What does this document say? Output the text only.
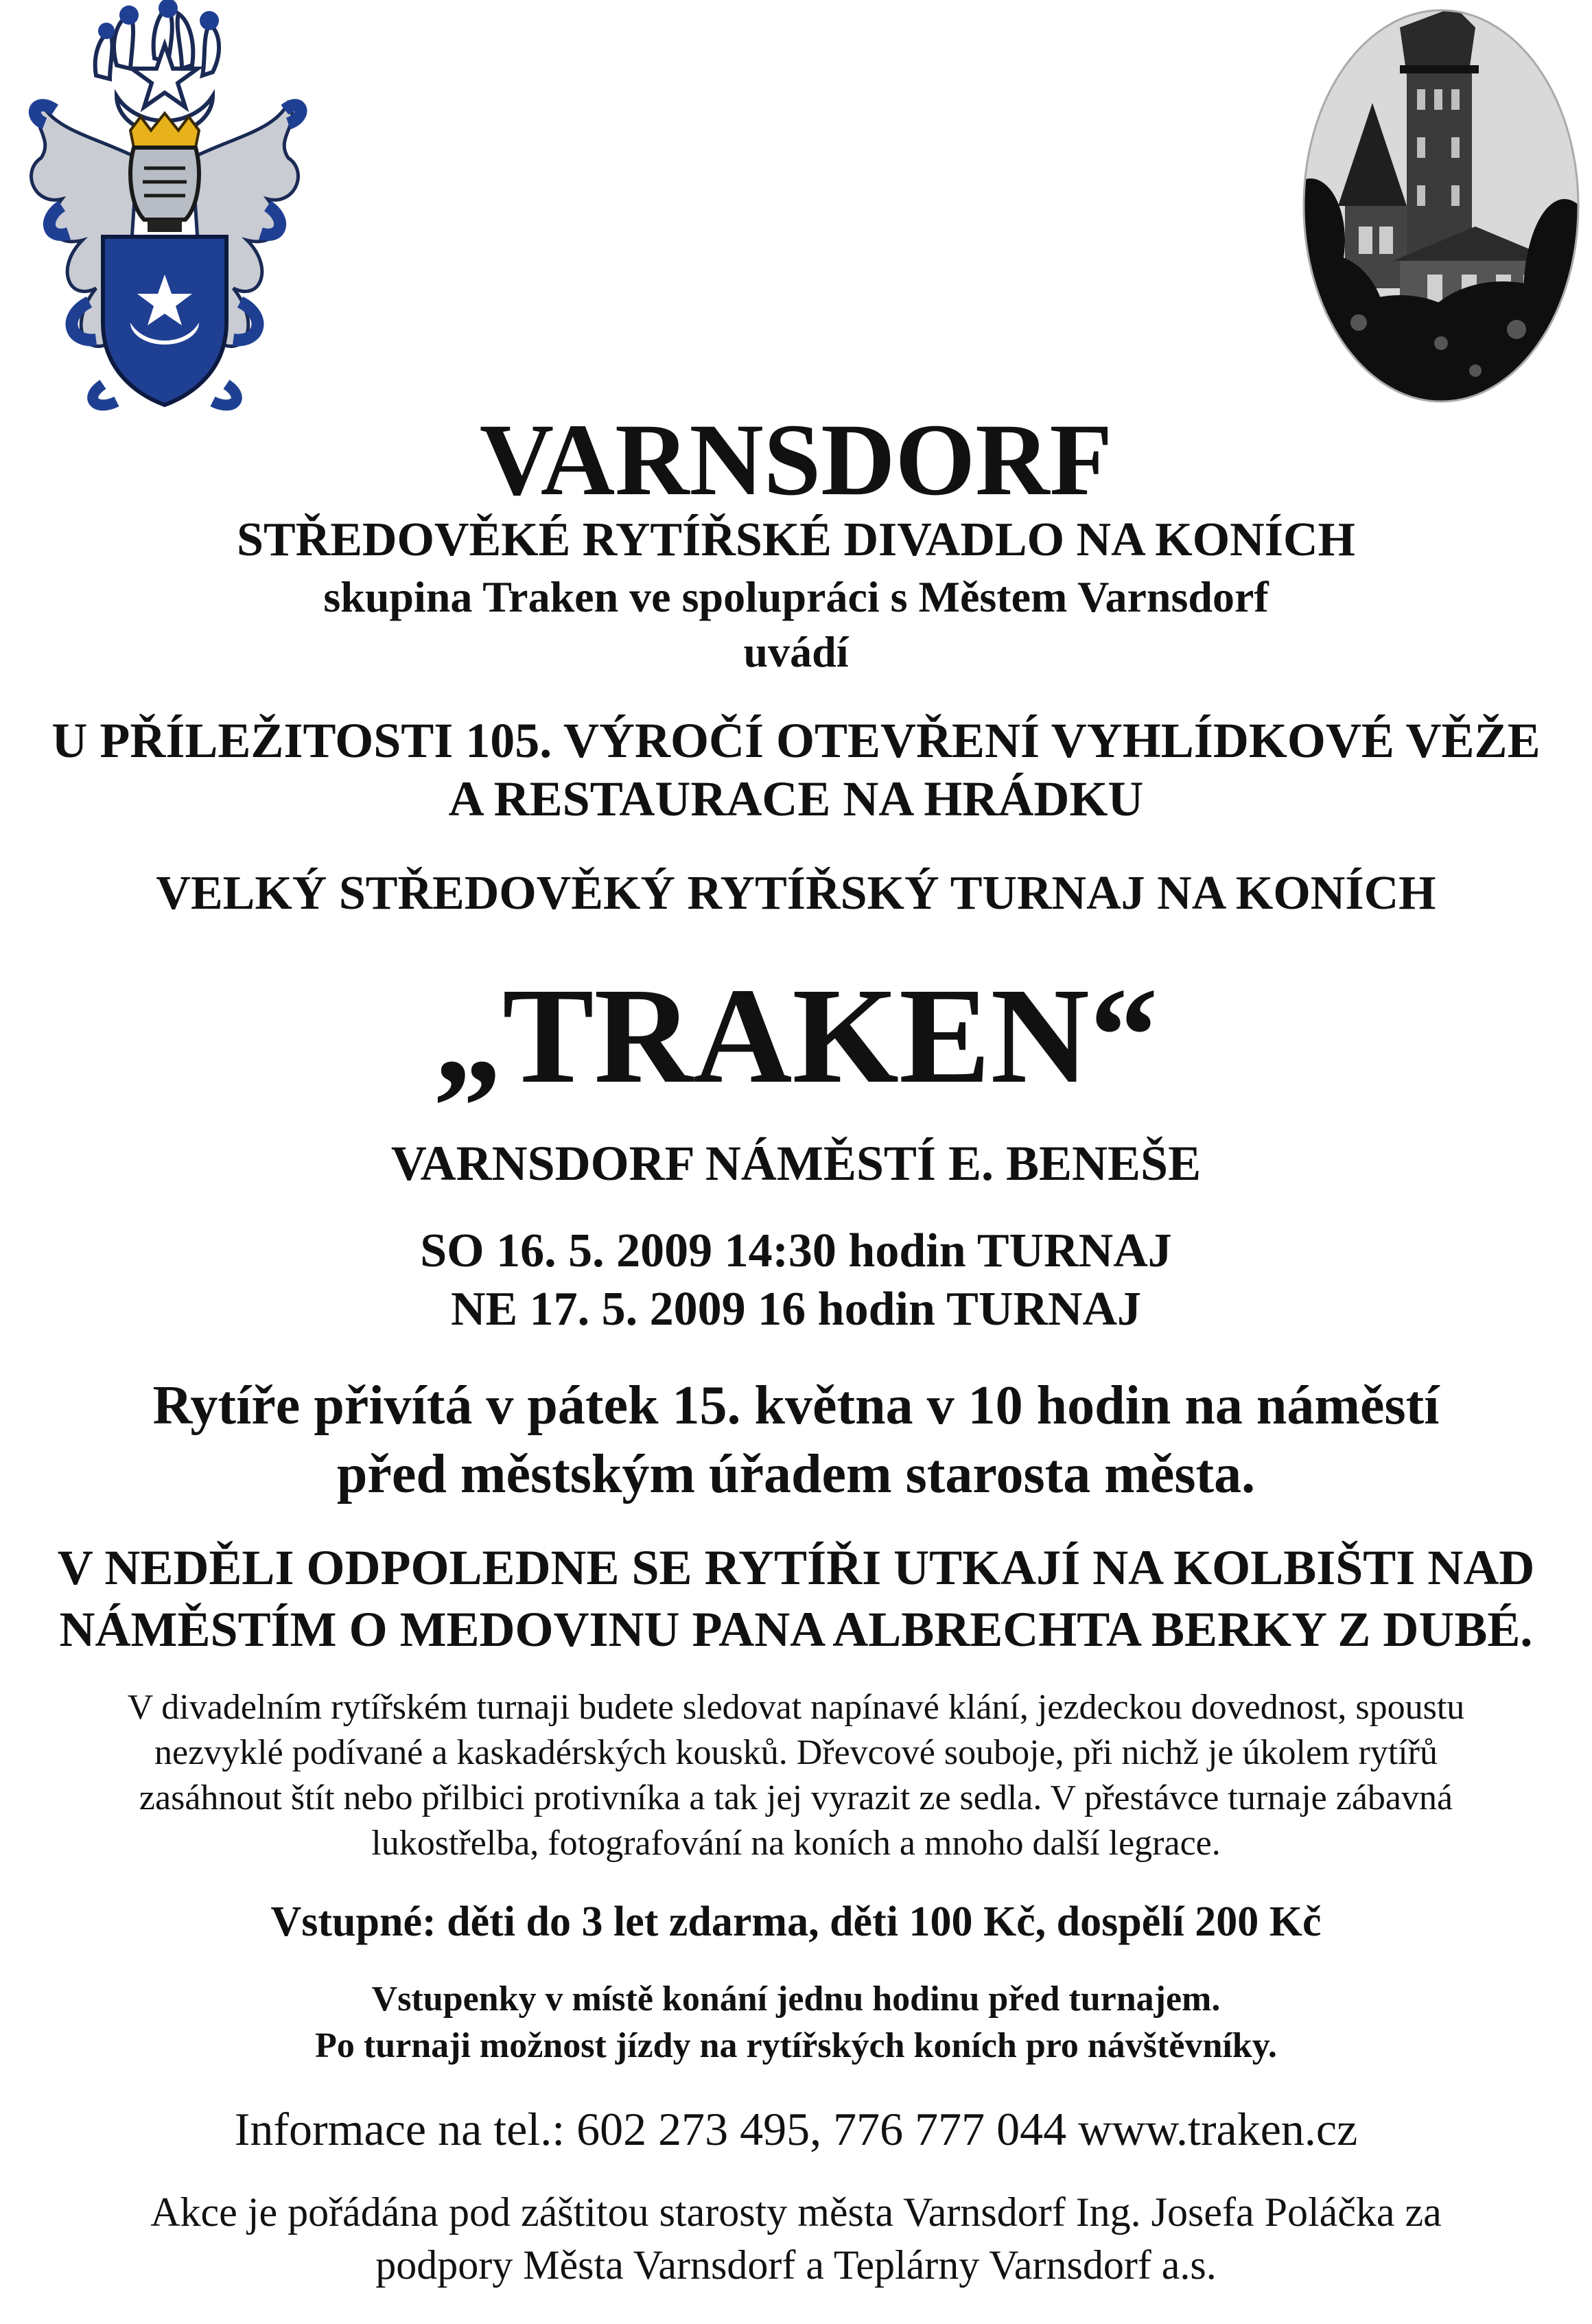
VARNSDORF
STŘEDOVĚKÉ RYTÍŘSKÉ DIVADLO NA KONÍCH
skupina Traken ve spolupráci s Městem Varnsdorf
uvádí
U PŘÍLEŽITOSTI 105. VÝROČÍ OTEVŘENÍ VYHLÍDKOVÉ VĚŽE
A RESTAURACE NA HRÁDKU
VELKÝ STŘEDOVĚKÝ RYTÍŘSKÝ TURNAJ NA KONÍCH
„TRAKEN“
VARNSDORF NÁMĚSTÍ E. BENEŠE
SO 16. 5. 2009 14:30 hodin TURNAJ
NE 17. 5. 2009 16 hodin TURNAJ
Rytíře přivítá v pátek 15. května v 10 hodin na náměstí
před městským úřadem starosta města.
V NEDĚLI ODPOLEDNE SE RYTÍŘI UTKAJÍ NA KOLBIŠTI NAD
NÁMĚSTÍM O MEDOVINU PANA ALBRECHTA BERKY Z DUBÉ.
V divadelním rytířském turnaji budete sledovat napínavé klání, jezdeckou dovednost, spoustu
nezvyklé podívané a kaskadérských kousků. Dřevcové souboje, při nichž je úkolem rytířů
zasáhnout štít nebo přilbici protivníka a tak jej vyrazit ze sedla. V přestávce turnaje zábavná
lukostřelba, fotografování na koních a mnoho další legrace.
Vstupné: děti do 3 let zdarma, děti 100 Kč, dospělí 200 Kč
Vstupenky v místě konání jednu hodinu před turnajem.
Po turnaji možnost jízdy na rytířských koních pro návštěvníky.
Informace na tel.: 602 273 495, 776 777 044 www.traken.cz
Akce je pořádána pod záštitou starosty města Varnsdorf Ing. Josefa Poláčka za
podpory Města Varnsdorf a Teplárny Varnsdorf a.s.
